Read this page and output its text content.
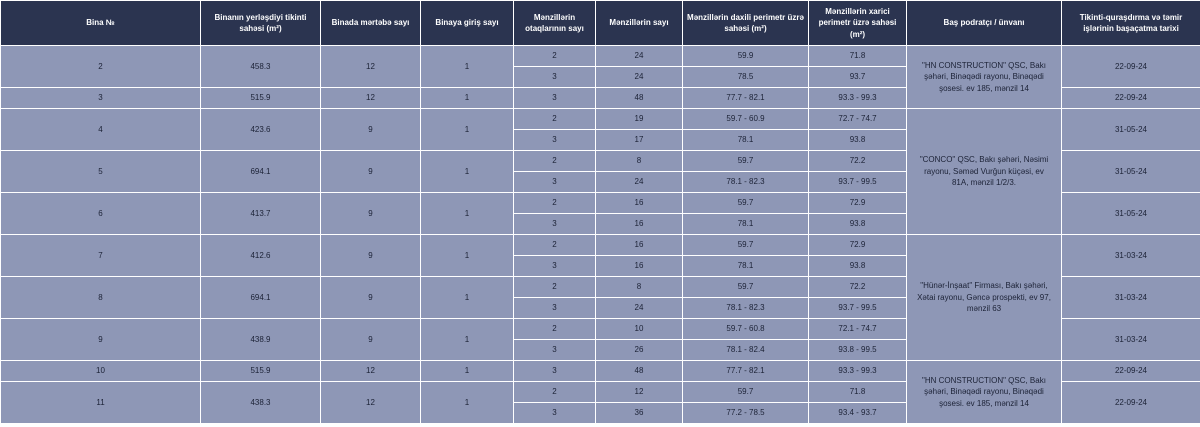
Bina №	Binanın yerləşdiyi tikinti sahəsi (m²)	Binada mərtəbə sayı	Binaya giriş sayı	Mənzillərin otaqlarının sayı	Mənzillərin sayı	Mənzillərin daxili perimetr üzrə sahəsi (m²)	Mənzillərin xarici perimetr üzrə sahəsi (m²)	Baş podratçı / ünvanı	Tikinti-quraşdırma və təmir işlərinin başaçatma tarixi
2	458.3	12	1	2	24	59.9	71.8	"HN CONSTRUCTION" QSC, Bakı şəhəri, Binəqədi rayonu, Binəqədi şosesi. ev 185, mənzil 14	22-09-24
				3	24	78.5	93.7		
3	515.9	12	1	3	48	77.7 - 82.1	93.3 - 99.3		22-09-24
4	423.6	9	1	2	19	59.7 - 60.9	72.7 - 74.7	"CONCO" QSC, Bakı şəhəri, Nəsimi rayonu, Səməd Vurğun küçəsi, ev 81A, mənzil 1/2/3.	31-05-24
				3	17	78.1	93.8		
5	694.1	9	1	2	8	59.7	72.2		31-05-24
				3	24	78.1 - 82.3	93.7 - 99.5		
6	413.7	9	1	2	16	59.7	72.9		31-05-24
				3	16	78.1	93.8		
7	412.6	9	1	2	16	59.7	72.9	"Hünər-İnşaat" Firması, Bakı şəhəri, Xətai rayonu, Gəncə prospekti, ev 97, mənzil 63	31-03-24
				3	16	78.1	93.8		
8	694.1	9	1	2	8	59.7	72.2		31-03-24
				3	24	78.1 - 82.3	93.7 - 99.5		
9	438.9	9	1	2	10	59.7 - 60.8	72.1 - 74.7		31-03-24
				3	26	78.1 - 82.4	93.8 - 99.5		
10	515.9	12	1	3	48	77.7 - 82.1	93.3 - 99.3	"HN CONSTRUCTION" QSC, Bakı şəhəri, Binəqədi rayonu, Binəqədi şosesi. ev 185, mənzil 14	22-09-24
11	438.3	12	1	2	12	59.7	71.8		22-09-24
				3	36	77.2 - 78.5	93.4 - 93.7		
